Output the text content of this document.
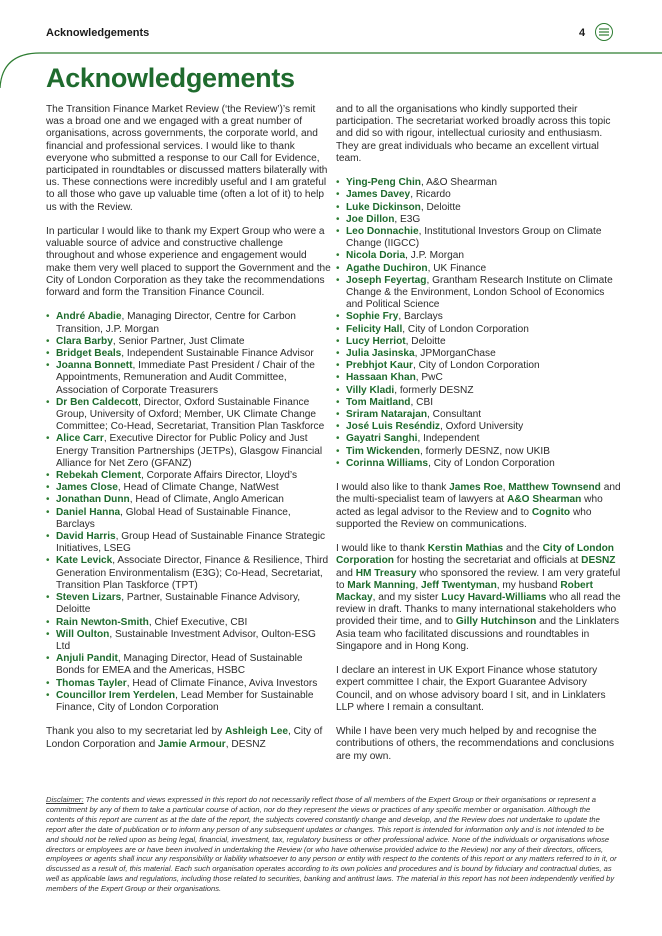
Acknowledgements	4
Acknowledgements

The Transition Finance Market Review (‘the Review’)’s remit was a broad one and we engaged with a great number of organisations, across governments, the corporate world, and financial and professional services. I would like to thank everyone who submitted a response to our Call for Evidence, participated in roundtables or discussed matters bilaterally with us. These connections were incredibly useful and I am grateful to all those who gave up valuable time (often a lot of it) to help us with the Review.

In particular I would like to thank my Expert Group who were a valuable source of advice and constructive challenge throughout and whose experience and engagement would make them very well placed to support the Government and the City of London Corporation as they take the recommendations forward and form the Transition Finance Council.

• André Abadie, Managing Director, Centre for Carbon Transition, J.P. Morgan
• Clara Barby, Senior Partner, Just Climate
• Bridget Beals, Independent Sustainable Finance Advisor
• Joanna Bonnett, Immediate Past President / Chair of the Appointments, Remuneration and Audit Committee, Association of Corporate Treasurers
• Dr Ben Caldecott, Director, Oxford Sustainable Finance Group, University of Oxford; Member, UK Climate Change Committee; Co-Head, Secretariat, Transition Plan Taskforce
• Alice Carr, Executive Director for Public Policy and Just Energy Transition Partnerships (JETPs), Glasgow Financial Alliance for Net Zero (GFANZ)
• Rebekah Clement, Corporate Affairs Director, Lloyd’s
• James Close, Head of Climate Change, NatWest
• Jonathan Dunn, Head of Climate, Anglo American
• Daniel Hanna, Global Head of Sustainable Finance, Barclays
• David Harris, Group Head of Sustainable Finance Strategic Initiatives, LSEG
• Kate Levick, Associate Director, Finance & Resilience, Third Generation Environmentalism (E3G); Co-Head, Secretariat, Transition Plan Taskforce (TPT)
• Steven Lizars, Partner, Sustainable Finance Advisory, Deloitte
• Rain Newton-Smith, Chief Executive, CBI
• Will Oulton, Sustainable Investment Advisor, Oulton-ESG Ltd
• Anjuli Pandit, Managing Director, Head of Sustainable Bonds for EMEA and the Americas, HSBC
• Thomas Tayler, Head of Climate Finance, Aviva Investors
• Councillor Irem Yerdelen, Lead Member for Sustainable Finance, City of London Corporation

Thank you also to my secretariat led by Ashleigh Lee, City of London Corporation and Jamie Armour, DESNZ

and to all the organisations who kindly supported their participation. The secretariat worked broadly across this topic and did so with rigour, intellectual curiosity and enthusiasm. They are great individuals who became an excellent virtual team.

• Ying-Peng Chin, A&O Shearman
• James Davey, Ricardo
• Luke Dickinson, Deloitte
• Joe Dillon, E3G
• Leo Donnachie, Institutional Investors Group on Climate Change (IIGCC)
• Nicola Doria, J.P. Morgan
• Agathe Duchiron, UK Finance
• Joseph Feyertag, Grantham Research Institute on Climate Change & the Environment, London School of Economics and Political Science
• Sophie Fry, Barclays
• Felicity Hall, City of London Corporation
• Lucy Herriot, Deloitte
• Julia Jasinska, JPMorganChase
• Prebhjot Kaur, City of London Corporation
• Hassaan Khan, PwC
• Villy Kladi, formerly DESNZ
• Tom Maitland, CBI
• Sriram Natarajan, Consultant
• José Luis Reséndiz, Oxford University
• Gayatri Sanghi, Independent
• Tim Wickenden, formerly DESNZ, now UKIB
• Corinna Williams, City of London Corporation

I would also like to thank James Roe, Matthew Townsend and the multi-specialist team of lawyers at A&O Shearman who acted as legal advisor to the Review and to Cognito who supported the Review on communications.

I would like to thank Kerstin Mathias and the City of London Corporation for hosting the secretariat and officials at DESNZ and HM Treasury who sponsored the review. I am very grateful to Mark Manning, Jeff Twentyman, my husband Robert Mackay, and my sister Lucy Havard-Williams who all read the review in draft. Thanks to many international stakeholders who provided their time, and to Gilly Hutchinson and the Linklaters Asia team who facilitated discussions and roundtables in Singapore and in Hong Kong.

I declare an interest in UK Export Finance whose statutory expert committee I chair, the Export Guarantee Advisory Council, and on whose advisory board I sit, and in Linklaters LLP where I remain a consultant.

While I have been very much helped by and recognise the contributions of others, the recommendations and conclusions are my own.

Disclaimer: The contents and views expressed in this report do not necessarily reflect those of all members of the Expert Group or their organisations or represent a commitment by any of them to take a particular course of action, nor do they represent the views or practices of any specific member or organisation. Although the contents of this report are current as at the date of the report, the subjects covered constantly change and develop, and the Review does not undertake to update the report after the date of publication or to inform any person of any subsequent updates or changes. This report is intended for information only and is not intended to be and should not be relied upon as being legal, financial, investment, tax, regulatory business or other professional advice. None of the individuals or organisations whose directors or employees are or have been involved in undertaking the Review (or who have otherwise provided advice to the Review) nor any of their directors, officers, employees or agents shall incur any responsibility or liability whatsoever to any person or entity with respect to the contents of this report or any matters referred to in it, or discussed as a result of, this material. Each such organisation operates according to its own policies and procedures and is bound by fiduciary and contractual duties, as well as applicable laws and regulations, including those related to securities, banking and antitrust laws. The material in this report has not been independently verified by members of the Expert Group or their organisations.
